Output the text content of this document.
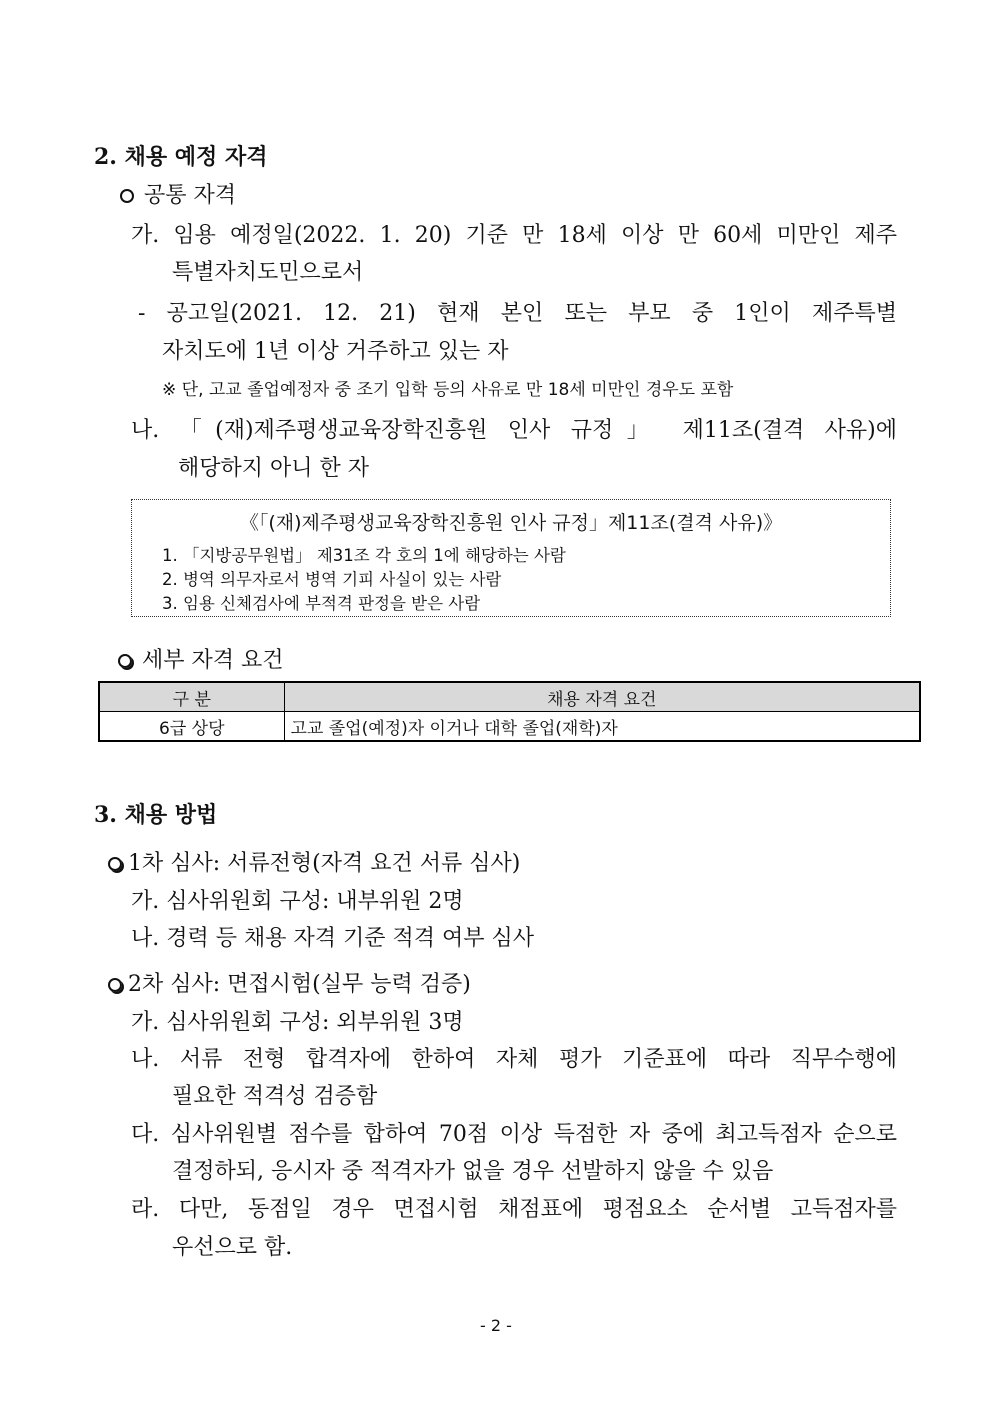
2. 채용 예정 자격
공통 자격
가. 임용 예정일(2022. 1. 20) 기준 만 18세 이상 만 60세 미만인 제주
특별자치도민으로서
- 공고일(2021. 12. 21) 현재 본인 또는 부모 중 1인이 제주특별
자치도에 1년 이상 거주하고 있는 자
※ 단, 고교 졸업예정자 중 조기 입학 등의 사유로 만 18세 미만인 경우도 포함
나. 「(재)제주평생교육장학진흥원 인사 규정」 제11조(결격 사유)에
해당하지 아니 한 자
《「(재)제주평생교육장학진흥원 인사 규정」제11조(결격 사유)》
1. 「지방공무원법」 제31조 각 호의 1에 해당하는 사람
2. 병역 의무자로서 병역 기피 사실이 있는 사람
3. 임용 신체검사에 부적격 판정을 받은 사람
세부 자격 요건
구 분	채용 자격 요건
6급 상당	고교 졸업(예정)자 이거나 대학 졸업(재학)자
3. 채용 방법
1차 심사: 서류전형(자격 요건 서류 심사)
가. 심사위원회 구성: 내부위원 2명
나. 경력 등 채용 자격 기준 적격 여부 심사
2차 심사: 면접시험(실무 능력 검증)
가. 심사위원회 구성: 외부위원 3명
나. 서류 전형 합격자에 한하여 자체 평가 기준표에 따라 직무수행에
필요한 적격성 검증함
다. 심사위원별 점수를 합하여 70점 이상 득점한 자 중에 최고득점자 순으로
결정하되, 응시자 중 적격자가 없을 경우 선발하지 않을 수 있음
라. 다만, 동점일 경우 면접시험 채점표에 평점요소 순서별 고득점자를
우선으로 함.
- 2 -
